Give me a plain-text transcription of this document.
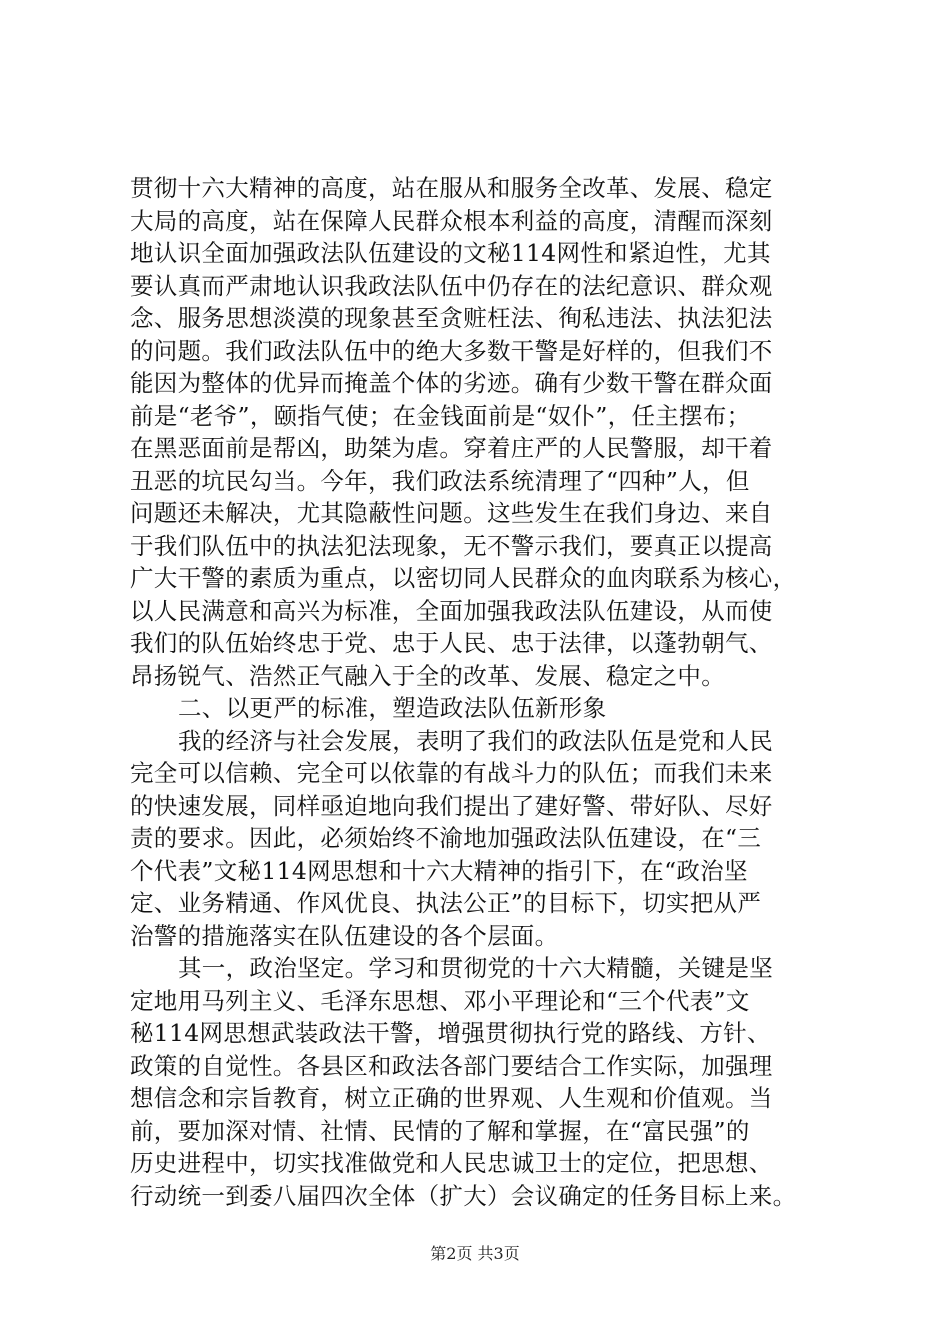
贯彻十六大精神的高度，站在服从和服务全改革、发展、稳定
大局的高度，站在保障人民群众根本利益的高度，清醒而深刻
地认识全面加强政法队伍建设的文秘114网性和紧迫性，尤其
要认真而严肃地认识我政法队伍中仍存在的法纪意识、群众观
念、服务思想淡漠的现象甚至贪赃枉法、徇私违法、执法犯法
的问题。我们政法队伍中的绝大多数干警是好样的，但我们不
能因为整体的优异而掩盖个体的劣迹。确有少数干警在群众面
前是“老爷”，颐指气使；在金钱面前是“奴仆”，任主摆布；
在黑恶面前是帮凶，助桀为虐。穿着庄严的人民警服，却干着
丑恶的坑民勾当。今年，我们政法系统清理了“四种”人，但
问题还未解决，尤其隐蔽性问题。这些发生在我们身边、来自
于我们队伍中的执法犯法现象，无不警示我们，要真正以提高
广大干警的素质为重点，以密切同人民群众的血肉联系为核心，
以人民满意和高兴为标准，全面加强我政法队伍建设，从而使
我们的队伍始终忠于党、忠于人民、忠于法律，以蓬勃朝气、
昂扬锐气、浩然正气融入于全的改革、发展、稳定之中。
二、以更严的标准，塑造政法队伍新形象
我的经济与社会发展，表明了我们的政法队伍是党和人民
完全可以信赖、完全可以依靠的有战斗力的队伍；而我们未来
的快速发展，同样亟迫地向我们提出了建好警、带好队、尽好
责的要求。因此，必须始终不渝地加强政法队伍建设，在“三
个代表”文秘114网思想和十六大精神的指引下，在“政治坚
定、业务精通、作风优良、执法公正”的目标下，切实把从严
治警的措施落实在队伍建设的各个层面。
其一，政治坚定。学习和贯彻党的十六大精髓，关键是坚
定地用马列主义、毛泽东思想、邓小平理论和“三个代表”文
秘114网思想武装政法干警，增强贯彻执行党的路线、方针、
政策的自觉性。各县区和政法各部门要结合工作实际，加强理
想信念和宗旨教育，树立正确的世界观、人生观和价值观。当
前，要加深对情、社情、民情的了解和掌握，在“富民强”的
历史进程中，切实找准做党和人民忠诚卫士的定位，把思想、
行动统一到委八届四次全体（扩大）会议确定的任务目标上来。
第2页 共3页
